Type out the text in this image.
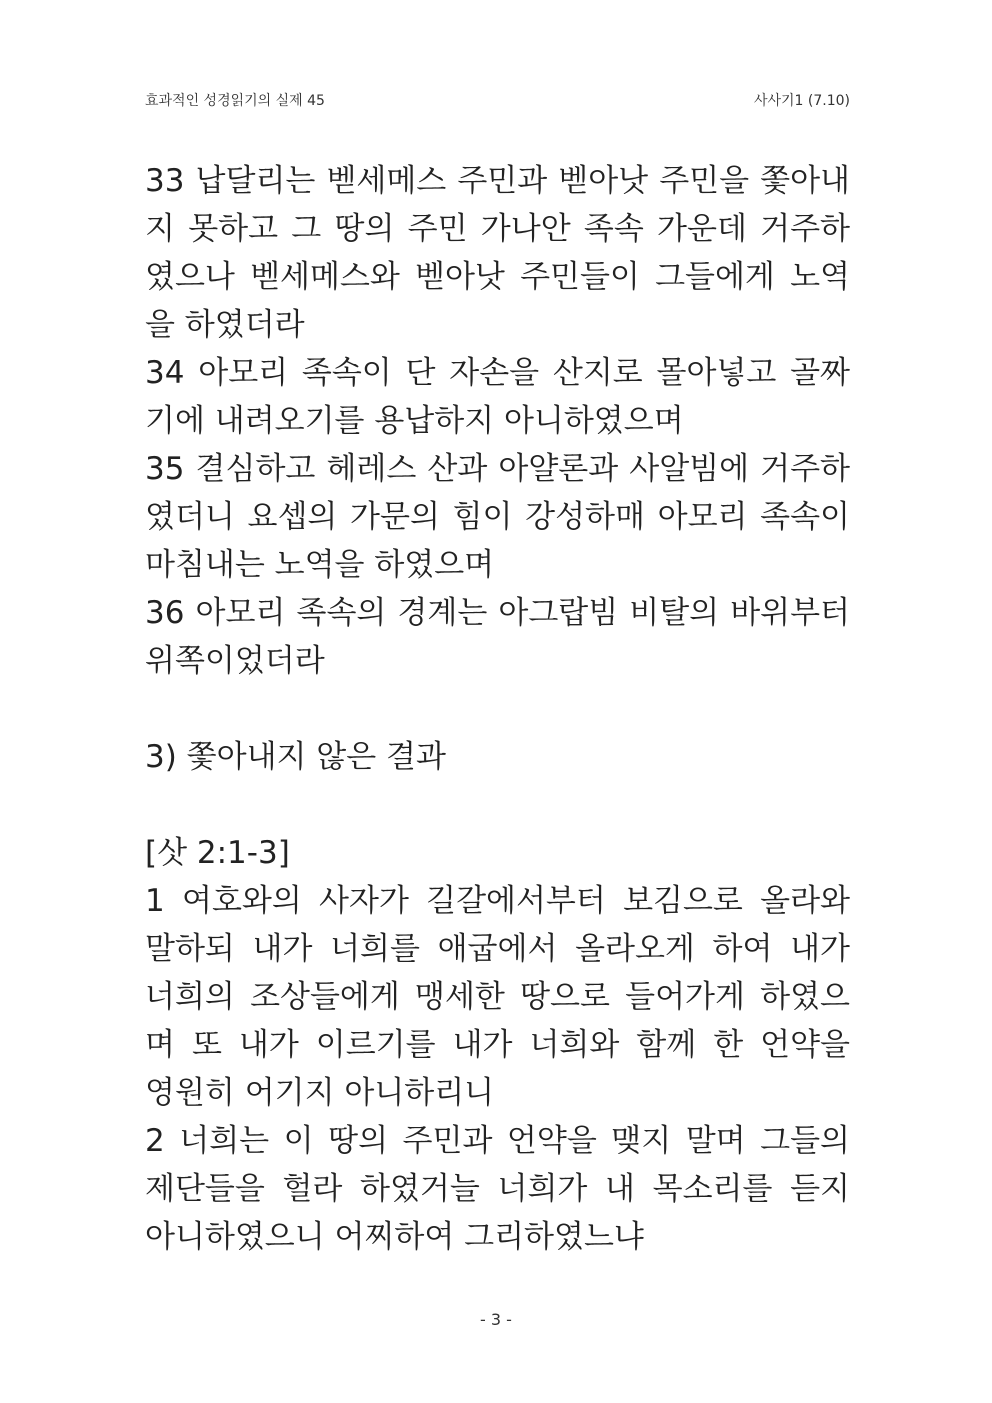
효과적인 성경읽기의 실제 45	사사기1 (7.10)
33 납달리는 벧세메스 주민과 벧아낫 주민을 쫓아내
지 못하고 그 땅의 주민 가나안 족속 가운데 거주하
였으나 벧세메스와 벧아낫 주민들이 그들에게 노역
을 하였더라
34 아모리 족속이 단 자손을 산지로 몰아넣고 골짜
기에 내려오기를 용납하지 아니하였으며
35 결심하고 헤레스 산과 아얄론과 사알빔에 거주하
였더니 요셉의 가문의 힘이 강성하매 아모리 족속이
마침내는 노역을 하였으며
36 아모리 족속의 경계는 아그랍빔 비탈의 바위부터
위쪽이었더라
3) 쫓아내지 않은 결과
[삿 2:1-3]
1 여호와의 사자가 길갈에서부터 보김으로 올라와
말하되 내가 너희를 애굽에서 올라오게 하여 내가
너희의 조상들에게 맹세한 땅으로 들어가게 하였으
며 또 내가 이르기를 내가 너희와 함께 한 언약을
영원히 어기지 아니하리니
2 너희는 이 땅의 주민과 언약을 맺지 말며 그들의
제단들을 헐라 하였거늘 너희가 내 목소리를 듣지
아니하였으니 어찌하여 그리하였느냐
- 3 -
